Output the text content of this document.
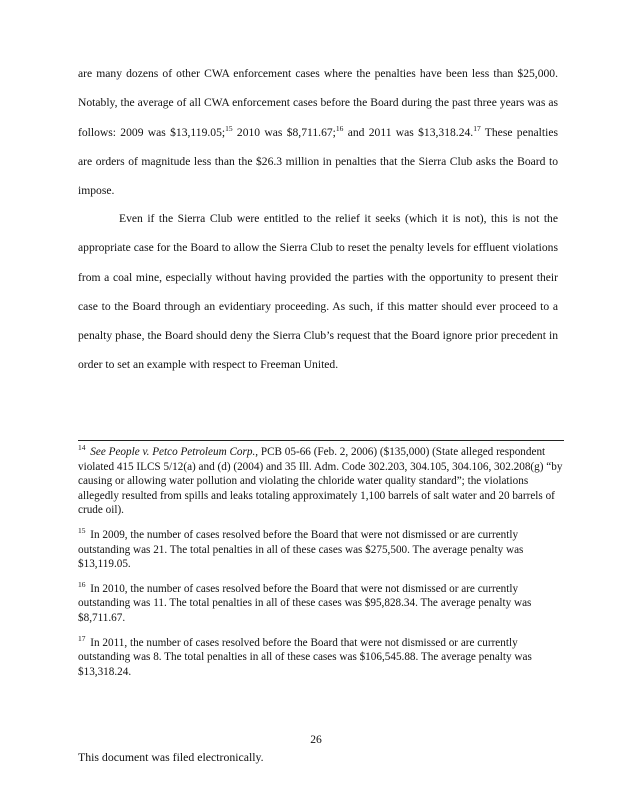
are many dozens of other CWA enforcement cases where the penalties have been less than $25,000. Notably, the average of all CWA enforcement cases before the Board during the past three years was as follows: 2009 was $13,119.05;$^{15}$ 2010 was $8,711.67;$^{16}$ and 2011 was $13,318.24.17 These penalties are orders of magnitude less than the $26.3 million in penalties that the Sierra Club asks the Board to impose.

Even if the Sierra Club were entitled to the relief it seeks (which it is not), this is not the appropriate case for the Board to allow the Sierra Club to reset the penalty levels for effluent violations from a coal mine, especially without having provided the parties with the opportunity to present their case to the Board through an evidentiary proceeding. As such, if this matter should ever proceed to a penalty phase, the Board should deny the Sierra Club’s request that the Board ignore prior precedent in order to set an example with respect to Freeman United.

$^{14}$ See People v. Petco Petroleum Corp., PCB 05-66 (Feb. 2, 2006) ($135,000) (State alleged respondent violated 415 ILCS 5/12(a) and (d) (2004) and 35 Ill. Adm. Code 302.203, 304.105, 304.106, 302.208(g) “by causing or allowing water pollution and violating the chloride water quality standard”; the violations allegedly resulted from spills and leaks totaling approximately 1,100 barrels of salt water and 20 barrels of crude oil).

$^{15}$ In 2009, the number of cases resolved before the Board that were not dismissed or are currently outstanding was 21. The total penalties in all of these cases was $275,500. The average penalty was $13,119.05.

$^{16}$ In 2010, the number of cases resolved before the Board that were not dismissed or are currently outstanding was 11. The total penalties in all of these cases was $95,828.34. The average penalty was $8,711.67.

$^{17}$ In 2011, the number of cases resolved before the Board that were not dismissed or are currently outstanding was 8. The total penalties in all of these cases was $106,545.88. The average penalty was $13,318.24.

26
This document was filed electronically.
